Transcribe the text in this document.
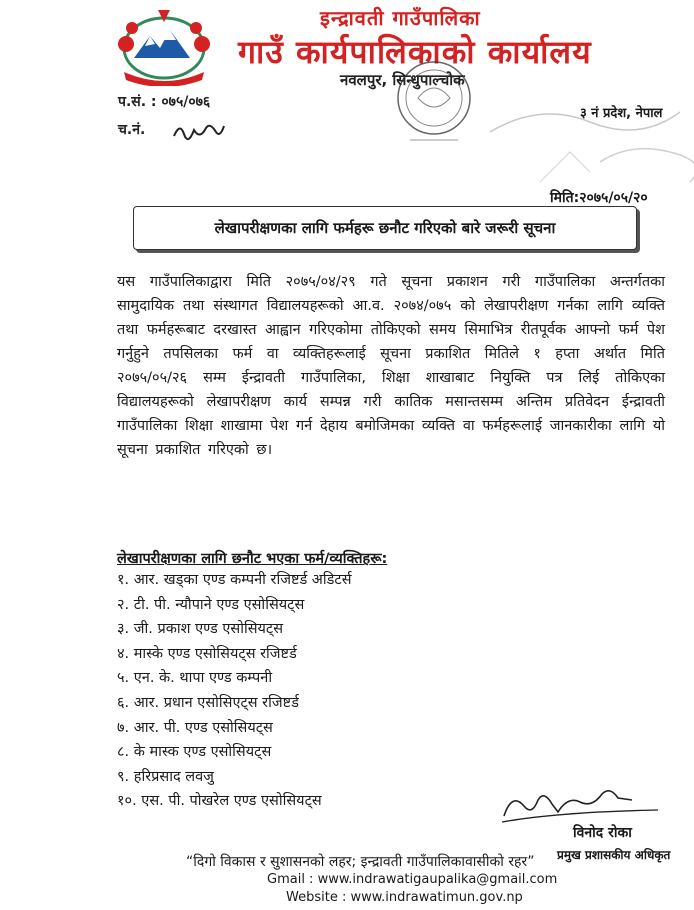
इन्द्रावती गाउँपालिका
गाउँ कार्यपालिकाको कार्यालय
नवलपुर, सिन्धुपाल्चोक
प.सं. : ०७५/०७६
च.नं.
३ नं प्रदेश, नेपाल
मिति:२०७५/०५/२०
लेखापरीक्षणका लागि फर्महरू छनौट गरिएको बारे जरूरी सूचना
यस गाउँपालिकाद्वारा मिति २०७५/०४/२९ गते सूचना प्रकाशन गरी गाउँपालिका अन्तर्गतका सामुदायिक तथा संस्थागत विद्यालयहरूको आ.व. २०७४/०७५ को लेखापरीक्षण गर्नका लागि व्यक्ति तथा फर्महरूबाट दरखास्त आह्वान गरिएकोमा तोकिएको समय सिमाभित्र रीतपूर्वक आफ्नो फर्म पेश गर्नुहुने तपसिलका फर्म वा व्यक्तिहरूलाई सूचना प्रकाशित मितिले १ हप्ता अर्थात मिति २०७५/०५/२६ सम्म ईन्द्रावती गाउँपालिका, शिक्षा शाखाबाट नियुक्ति पत्र लिई तोकिएका विद्यालयहरूको लेखापरीक्षण कार्य सम्पन्न गरी कातिक मसान्तसम्म अन्तिम प्रतिवेदन ईन्द्रावती गाउँपालिका शिक्षा शाखामा पेश गर्न देहाय बमोजिमका व्यक्ति वा फर्महरूलाई जानकारीका लागि यो सूचना प्रकाशित गरिएको छ।
लेखापरीक्षणका लागि छनौट भएका फर्म/व्यक्तिहरू:
१. आर. खड्का एण्ड कम्पनी रजिष्टर्ड अडिटर्स
२. टी. पी. न्यौपाने एण्ड एसोसियट्स
३. जी. प्रकाश एण्ड एसोसियट्स
४. मास्के एण्ड एसोसियट्स रजिष्टर्ड
५. एन. के. थापा एण्ड कम्पनी
६. आर. प्रधान एसोसिएट्स रजिष्टर्ड
७. आर. पी. एण्ड एसोसियट्स
८. के मास्क एण्ड एसोसियट्स
९. हरिप्रसाद लवजु
१०. एस. पी. पोखरेल एण्ड एसोसियट्स
विनोद रोका
प्रमुख प्रशासकीय अधिकृत
“दिगो विकास र सुशासनको लहर; इन्द्रावती गाउँपालिकावासीको रहर”
Gmail : www.indrawatigaupalika@gmail.com
Website : www.indrawatimun.gov.np
